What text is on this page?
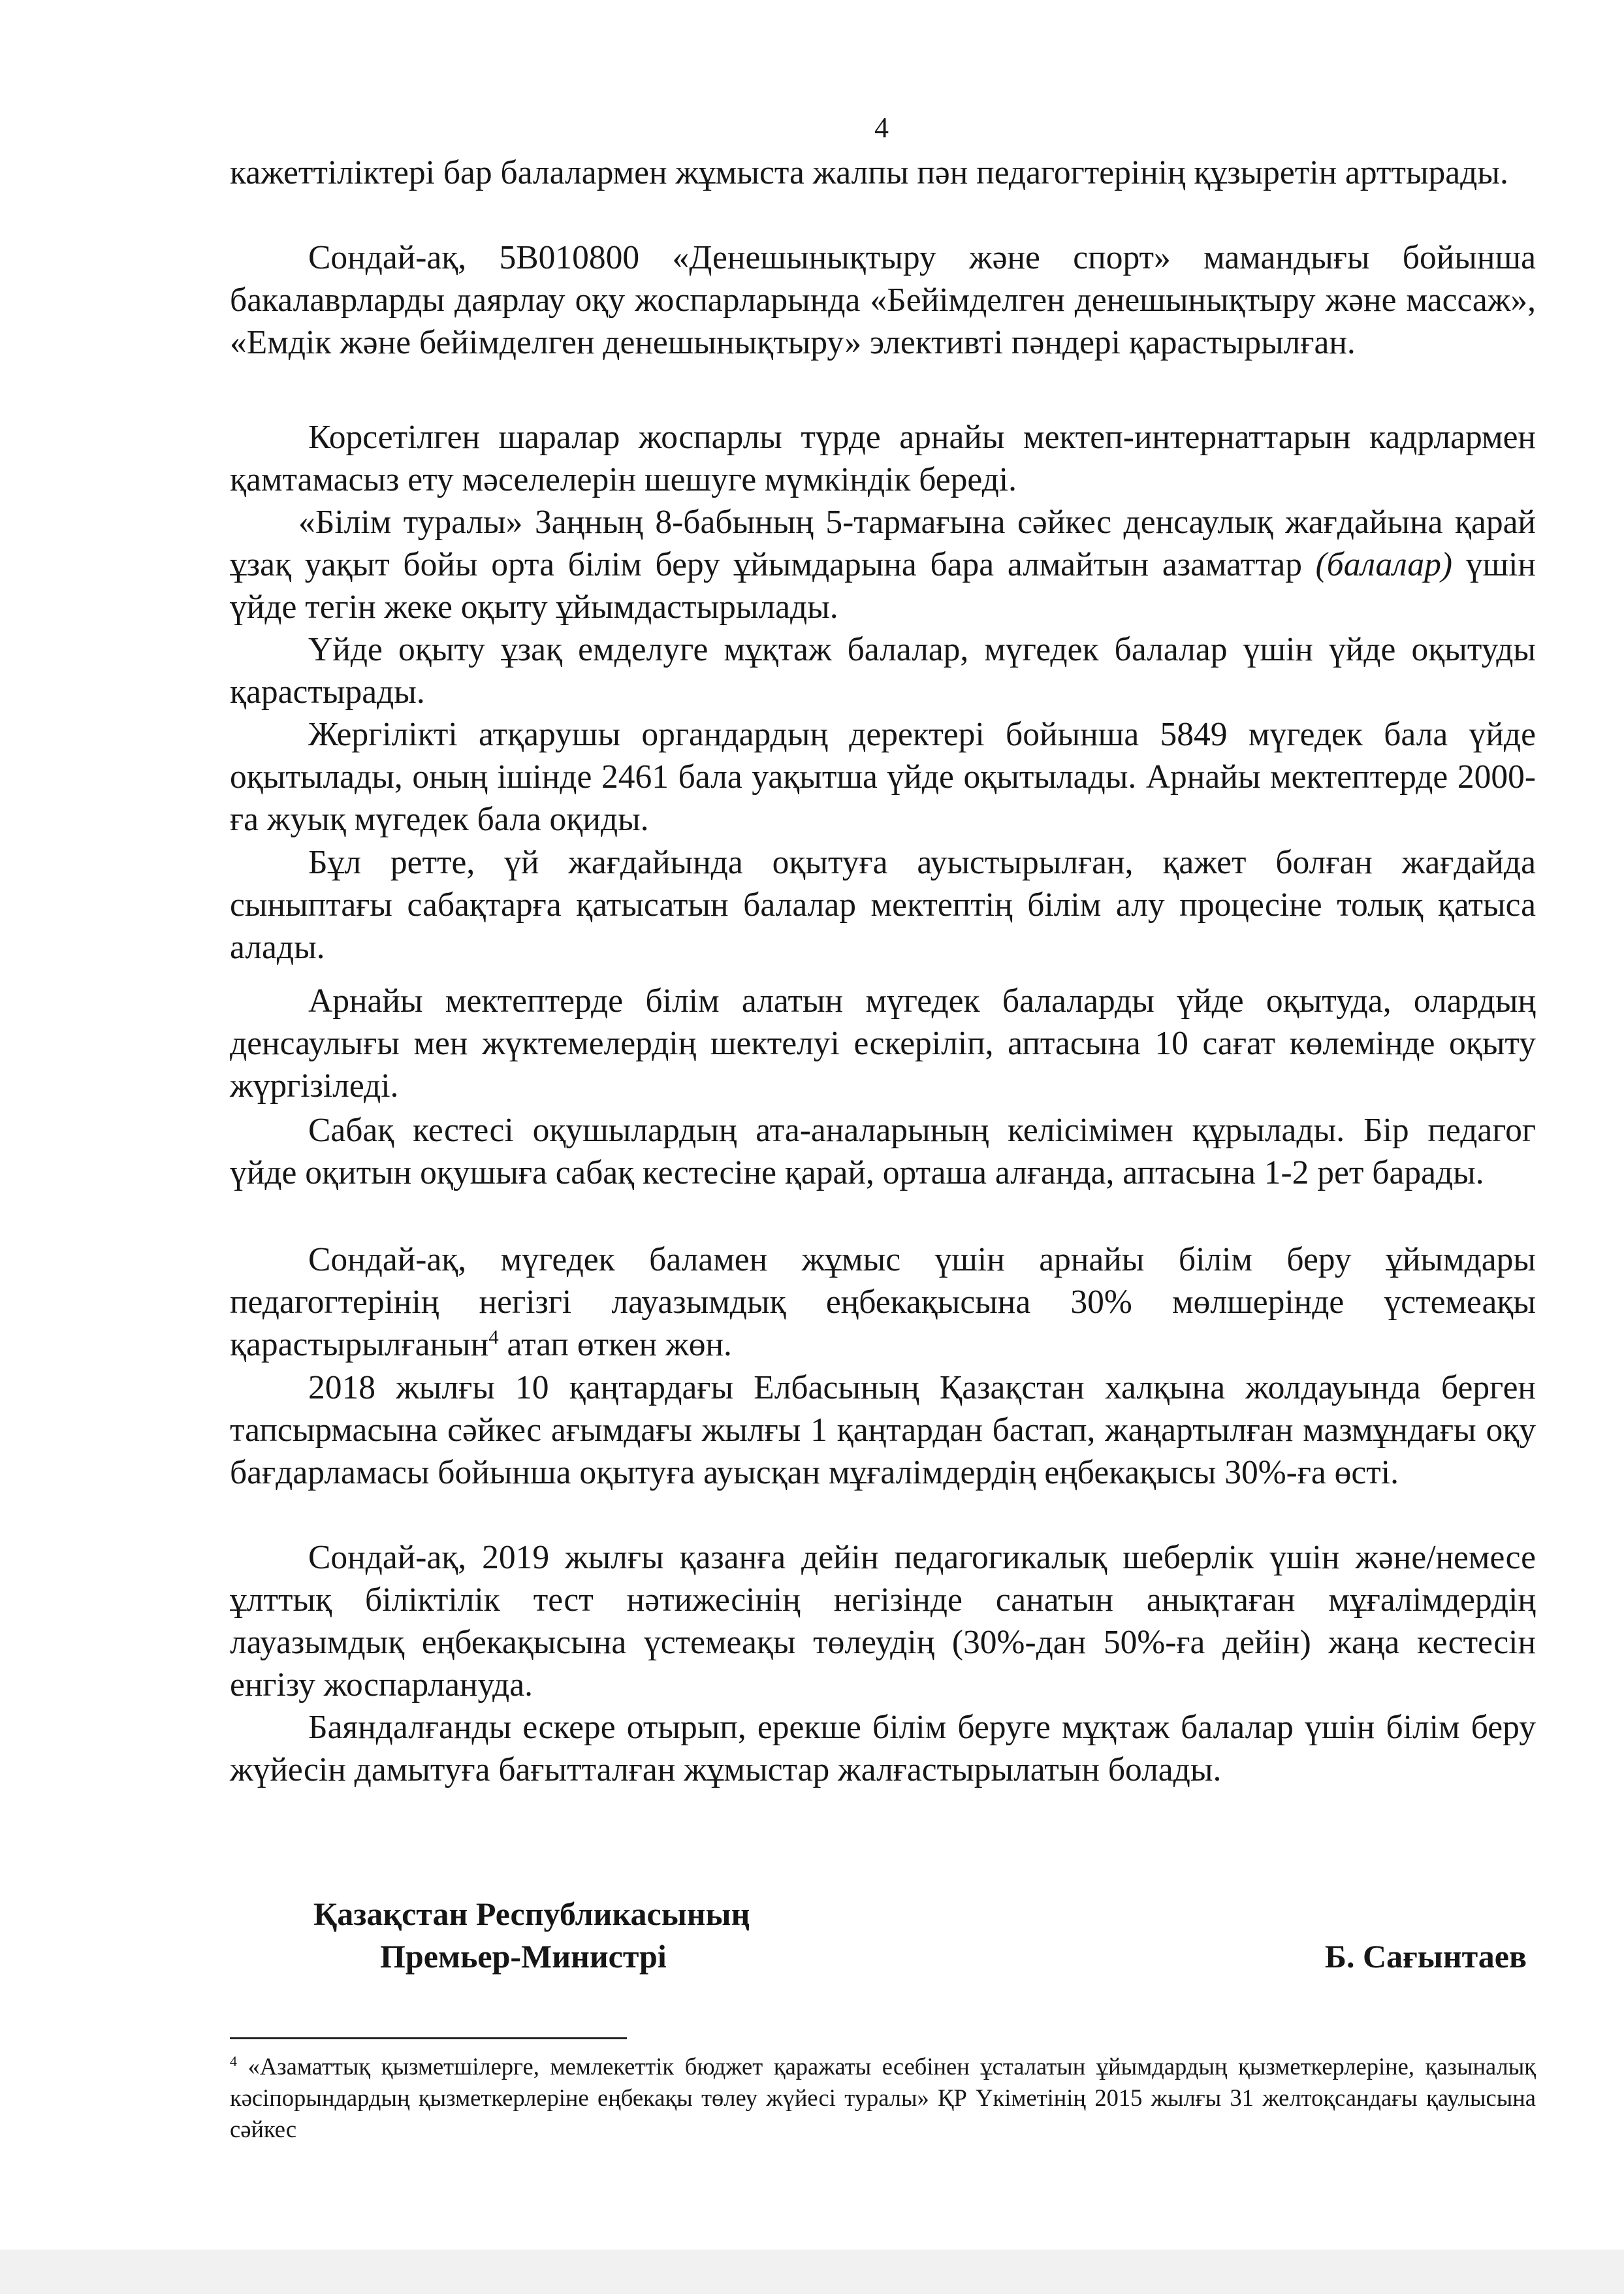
4

кажеттіліктері бар балалармен жұмыста жалпы пән педагогтерінің құзыретін арттырады.

Сондай-ақ, 5В010800 «Денешынықтыру және спорт» мамандығы бойынша бакалаврларды даярлау оқу жоспарларында «Бейімделген денешынықтыру және массаж», «Емдік және бейімделген денешынықтыру» элективті пәндері қарастырылған.

Корсетілген шаралар жоспарлы түрде арнайы мектеп-интернаттарын кадрлармен қамтамасыз ету мәселелерін шешуге мүмкіндік береді.

«Білім туралы» Заңның 8-бабының 5-тармағына сәйкес денсаулық жағдайына қарай ұзақ уақыт бойы орта білім беру ұйымдарына бара алмайтын азаматтар (балалар) үшін үйде тегін жеке оқыту ұйымдастырылады.

Үйде оқыту ұзақ емделуге мұқтаж балалар, мүгедек балалар үшін үйде оқытуды қарастырады.

Жергілікті атқарушы органдардың деректері бойынша 5849 мүгедек бала үйде оқытылады, оның ішінде 2461 бала уақытша үйде оқытылады. Арнайы мектептерде 2000-ға жуық мүгедек бала оқиды.

Бұл ретте, үй жағдайында оқытуға ауыстырылған, қажет болған жағдайда сыныптағы сабақтарға қатысатын балалар мектептің білім алу процесіне толық қатыса алады.

Арнайы мектептерде білім алатын мүгедек балаларды үйде оқытуда, олардың денсаулығы мен жүктемелердің шектелуі ескеріліп, аптасына 10 сағат көлемінде оқыту жүргізіледі.

Сабақ кестесі оқушылардың ата-аналарының келісімімен құрылады. Бір педагог үйде оқитын оқушыға сабақ кестесіне қарай, орташа алғанда, аптасына 1-2 рет барады.

Сондай-ақ, мүгедек баламен жұмыс үшін арнайы білім беру ұйымдары педагогтерінің негізгі лауазымдық еңбекақысына 30% мөлшерінде үстемеақы қарастырылғанын$^4$ атап өткен жөн.

2018 жылғы 10 қаңтардағы Елбасының Қазақстан халқына жолдауында берген тапсырмасына сәйкес ағымдағы жылғы 1 қаңтардан бастап, жаңартылған мазмұндағы оқу бағдарламасы бойынша оқытуға ауысқан мұғалімдердің еңбекақысы 30%-ға өсті.

Сондай-ақ, 2019 жылғы қазанға дейін педагогикалық шеберлік үшін және/немесе ұлттық біліктілік тест нәтижесінің негізінде санатын анықтаған мұғалімдердің лауазымдық еңбекақысына үстемеақы төлеудің (30%-дан 50%-ға дейін) жаңа кестесін енгізу жоспарлануда.

Баяндалғанды ескере отырып, ерекше білім беруге мұқтаж балалар үшін білім беру жүйесін дамытуға бағытталған жұмыстар жалғастырылатын болады.

Қазақстан Республикасының
Премьер-Министрі	Б. Сағынтаев

$^4$ «Азаматтық қызметшілерге, мемлекеттік бюджет қаражаты есебінен ұсталатын ұйымдардың қызметкерлеріне, қазыналық кәсіпорындардың қызметкерлеріне еңбекақы төлеу жүйесі туралы» ҚР Үкіметінің 2015 жылғы 31 желтоқсандағы қаулысына сәйкес
